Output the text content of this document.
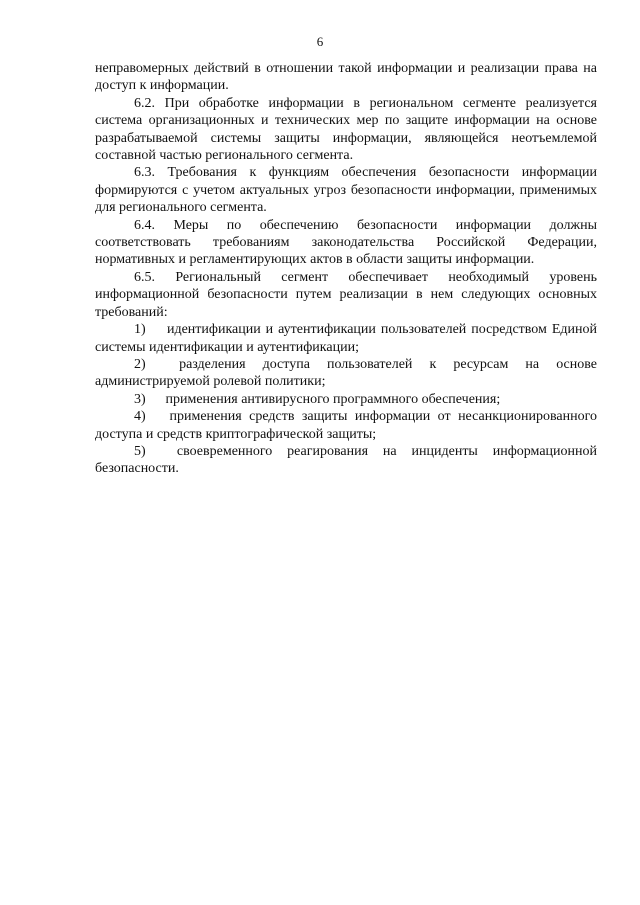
6

неправомерных действий в отношении такой информации и реализации права на доступ к информации.

6.2. При обработке информации в региональном сегменте реализуется система организационных и технических мер по защите информации на основе разрабатываемой системы защиты информации, являющейся неотъемлемой составной частью регионального сегмента.

6.3. Требования к функциям обеспечения безопасности информации формируются с учетом актуальных угроз безопасности информации, применимых для регионального сегмента.

6.4. Меры по обеспечению безопасности информации должны соответствовать требованиям законодательства Российской Федерации, нормативных и регламентирующих актов в области защиты информации.

6.5. Региональный сегмент обеспечивает необходимый уровень информационной безопасности путем реализации в нем следующих основных требований:

1) идентификации и аутентификации пользователей посредством Единой системы идентификации и аутентификации;

2) разделения доступа пользователей к ресурсам на основе администрируемой ролевой политики;

3) применения антивирусного программного обеспечения;

4) применения средств защиты информации от несанкционированного доступа и средств криптографической защиты;

5) своевременного реагирования на инциденты информационной безопасности.
